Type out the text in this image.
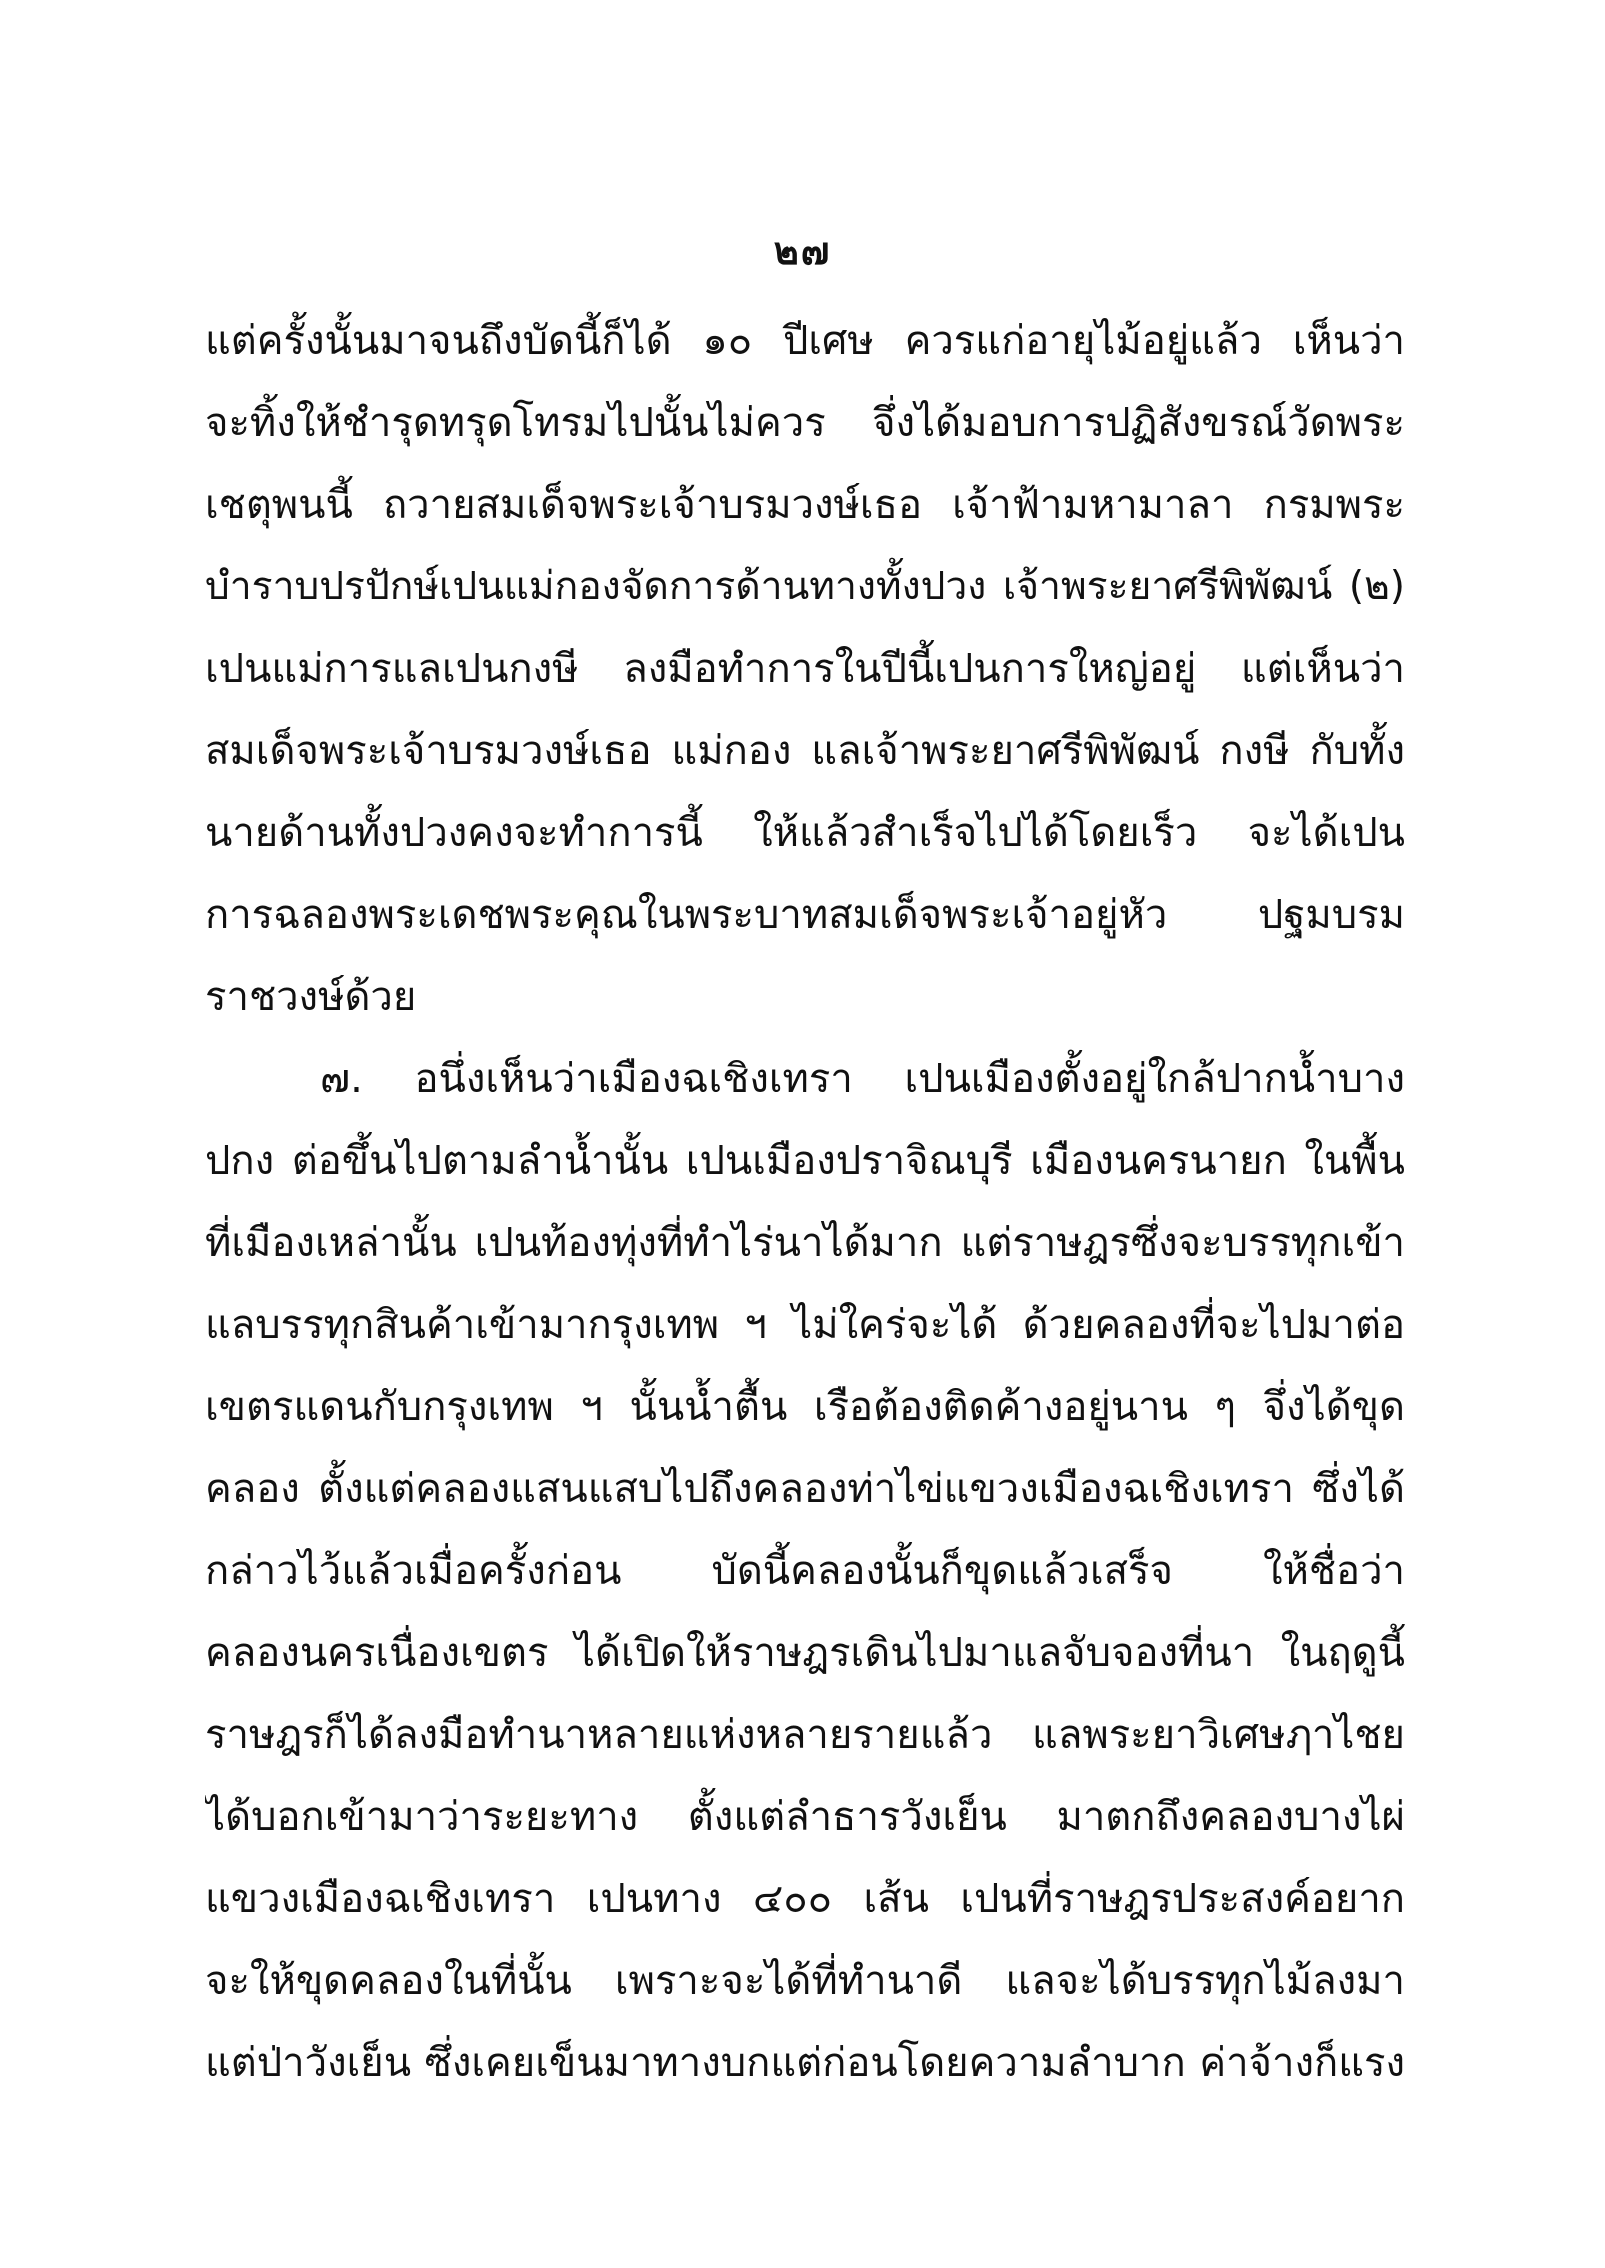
๒๗
แต่ครั้งนั้นมาจนถึงบัดนี้ก็ได้ ๑๐ ปีเศษ ควรแก่อายุไม้อยู่แล้ว เห็นว่า
จะทิ้งให้ชำรุดทรุดโทรมไปนั้นไม่ควร จึ่งได้มอบการปฏิสังขรณ์วัดพระ
เชตุพนนี้ ถวายสมเด็จพระเจ้าบรมวงษ์เธอ เจ้าฟ้ามหามาลา กรมพระ
บำราบปรปักษ์เปนแม่กองจัดการด้านทางทั้งปวง เจ้าพระยาศรีพิพัฒน์ (๒)
เปนแม่การแลเปนกงษี ลงมือทำการในปีนี้เปนการใหญ่อยู่ แต่เห็นว่า
สมเด็จพระเจ้าบรมวงษ์เธอ แม่กอง แลเจ้าพระยาศรีพิพัฒน์ กงษี กับทั้ง
นายด้านทั้งปวงคงจะทำการนี้ ให้แล้วสำเร็จไปได้โดยเร็ว จะได้เปน
การฉลองพระเดชพระคุณในพระบาทสมเด็จพระเจ้าอยู่หัว ปฐมบรม
ราชวงษ์ด้วย
๗. อนึ่งเห็นว่าเมืองฉเชิงเทรา เปนเมืองตั้งอยู่ใกล้ปากน้ำบาง
ปกง ต่อขึ้นไปตามลำน้ำนั้น เปนเมืองปราจิณบุรี เมืองนครนายก ในพื้น
ที่เมืองเหล่านั้น เปนท้องทุ่งที่ทำไร่นาได้มาก แต่ราษฎรซึ่งจะบรรทุกเข้า
แลบรรทุกสินค้าเข้ามากรุงเทพ ฯ ไม่ใคร่จะได้ ด้วยคลองที่จะไปมาต่อ
เขตรแดนกับกรุงเทพ ฯ นั้นน้ำตื้น เรือต้องติดค้างอยู่นาน ๆ จึ่งได้ขุด
คลอง ตั้งแต่คลองแสนแสบไปถึงคลองท่าไข่แขวงเมืองฉเชิงเทรา ซึ่งได้
กล่าวไว้แล้วเมื่อครั้งก่อน บัดนี้คลองนั้นก็ขุดแล้วเสร็จ ให้ชื่อว่า
คลองนครเนื่องเขตร ได้เปิดให้ราษฎรเดินไปมาแลจับจองที่นา ในฤดูนี้
ราษฎรก็ได้ลงมือทำนาหลายแห่งหลายรายแล้ว แลพระยาวิเศษฦาไชย
ได้บอกเข้ามาว่าระยะทาง ตั้งแต่ลำธารวังเย็น มาตกถึงคลองบางไผ่
แขวงเมืองฉเชิงเทรา เปนทาง ๔๐๐ เส้น เปนที่ราษฎรประสงค์อยาก
จะให้ขุดคลองในที่นั้น เพราะจะได้ที่ทำนาดี แลจะได้บรรทุกไม้ลงมา
แต่ป่าวังเย็น ซึ่งเคยเข็นมาทางบกแต่ก่อนโดยความลำบาก ค่าจ้างก็แรง
